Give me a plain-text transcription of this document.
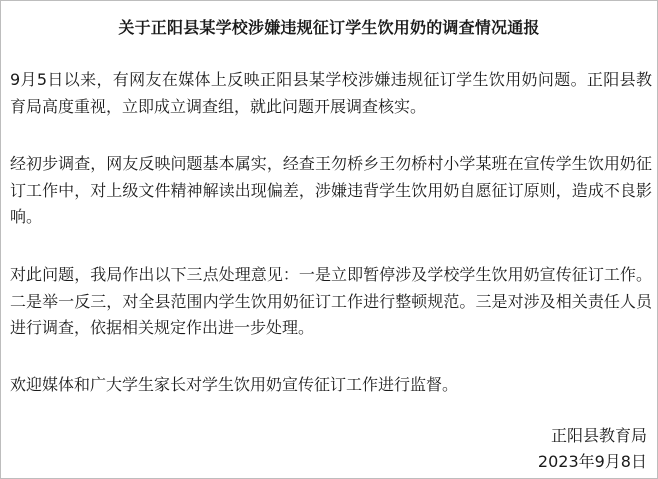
关于正阳县某学校涉嫌违规征订学生饮用奶的调查情况通报

9月5日以来，有网友在媒体上反映正阳县某学校涉嫌违规征订学生饮用奶问题。正阳县教育局高度重视，立即成立调查组，就此问题开展调查核实。

经初步调查，网友反映问题基本属实，经查王勿桥乡王勿桥村小学某班在宣传学生饮用奶征订工作中，对上级文件精神解读出现偏差，涉嫌违背学生饮用奶自愿征订原则，造成不良影响。

对此问题，我局作出以下三点处理意见：一是立即暂停涉及学校学生饮用奶宣传征订工作。二是举一反三，对全县范围内学生饮用奶征订工作进行整顿规范。三是对涉及相关责任人员进行调查，依据相关规定作出进一步处理。

欢迎媒体和广大学生家长对学生饮用奶宣传征订工作进行监督。

正阳县教育局
2023年9月8日
